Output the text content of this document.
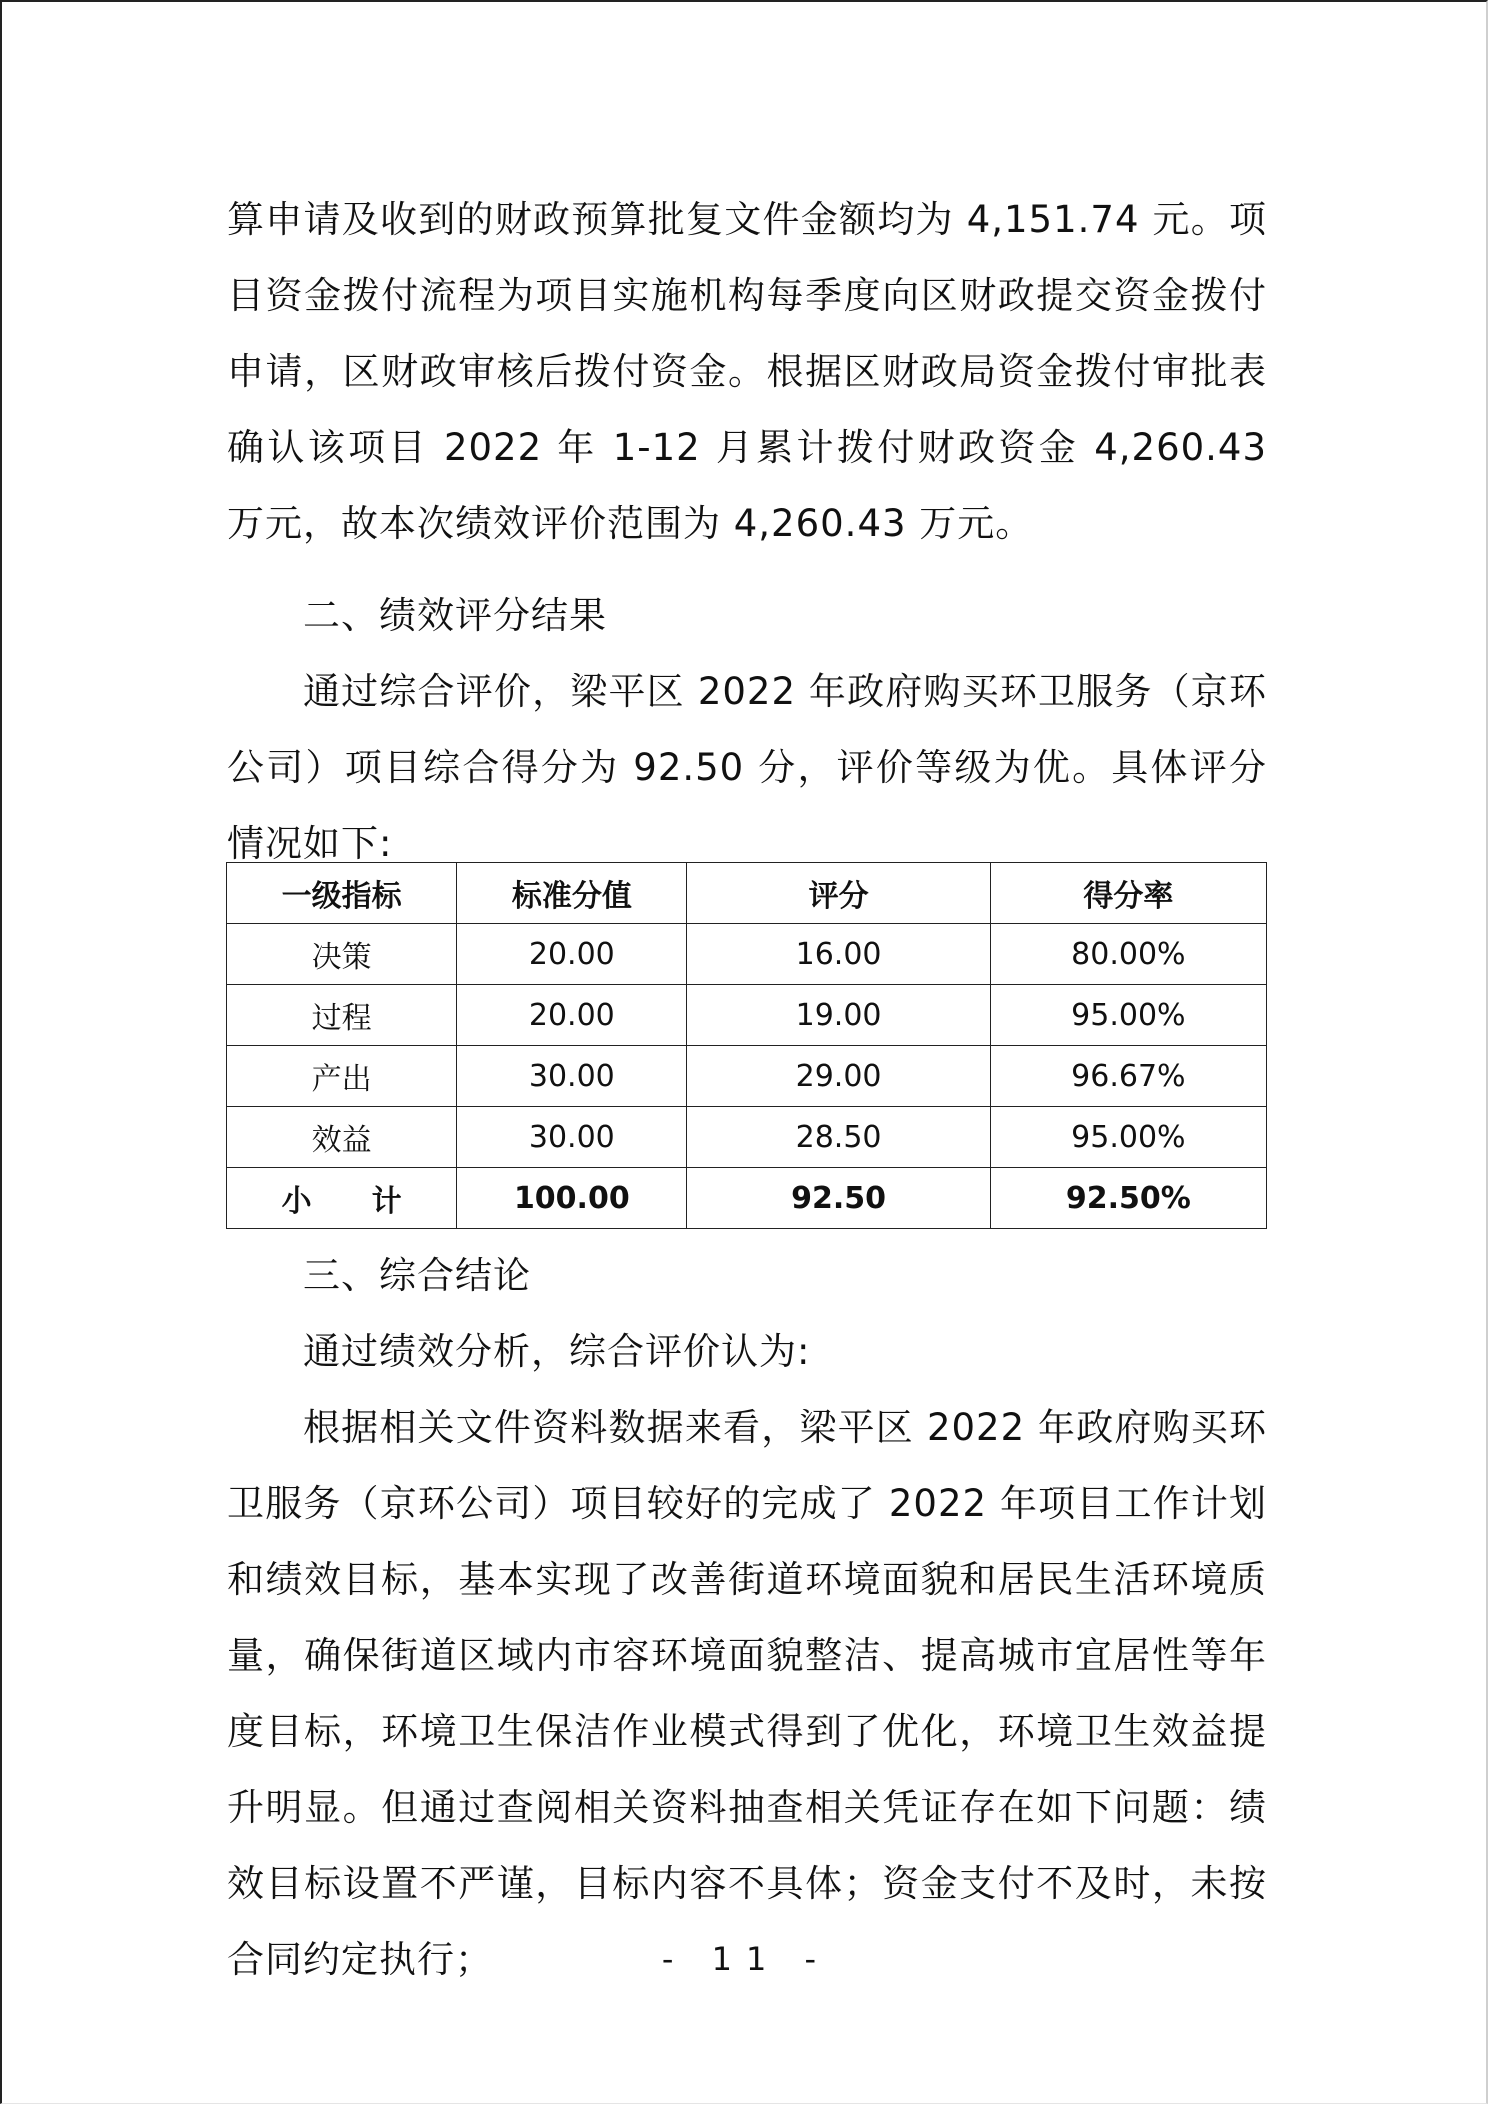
算申请及收到的财政预算批复文件金额均为 4,151.74 元。项目资金拨付流程为项目实施机构每季度向区财政提交资金拨付申请，区财政审核后拨付资金。根据区财政局资金拨付审批表确认该项目 2022 年 1-12 月累计拨付财政资金 4,260.43 万元，故本次绩效评价范围为 4,260.43 万元。

二、绩效评分结果

通过综合评价，梁平区 2022 年政府购买环卫服务（京环公司）项目综合得分为 92.50 分，评价等级为优。具体评分情况如下:

一级指标	标准分值	评分	得分率
决策	20.00	16.00	80.00%
过程	20.00	19.00	95.00%
产出	30.00	29.00	96.67%
效益	30.00	28.50	95.00%
小　　计	100.00	92.50	92.50%

三、综合结论

通过绩效分析，综合评价认为:

根据相关文件资料数据来看，梁平区 2022 年政府购买环卫服务（京环公司）项目较好的完成了 2022 年项目工作计划和绩效目标，基本实现了改善街道环境面貌和居民生活环境质量，确保街道区域内市容环境面貌整洁、提高城市宜居性等年度目标，环境卫生保洁作业模式得到了优化，环境卫生效益提升明显。但通过查阅相关资料抽查相关凭证存在如下问题：绩效目标设置不严谨，目标内容不具体；资金支付不及时，未按合同约定执行；	- 11 -
